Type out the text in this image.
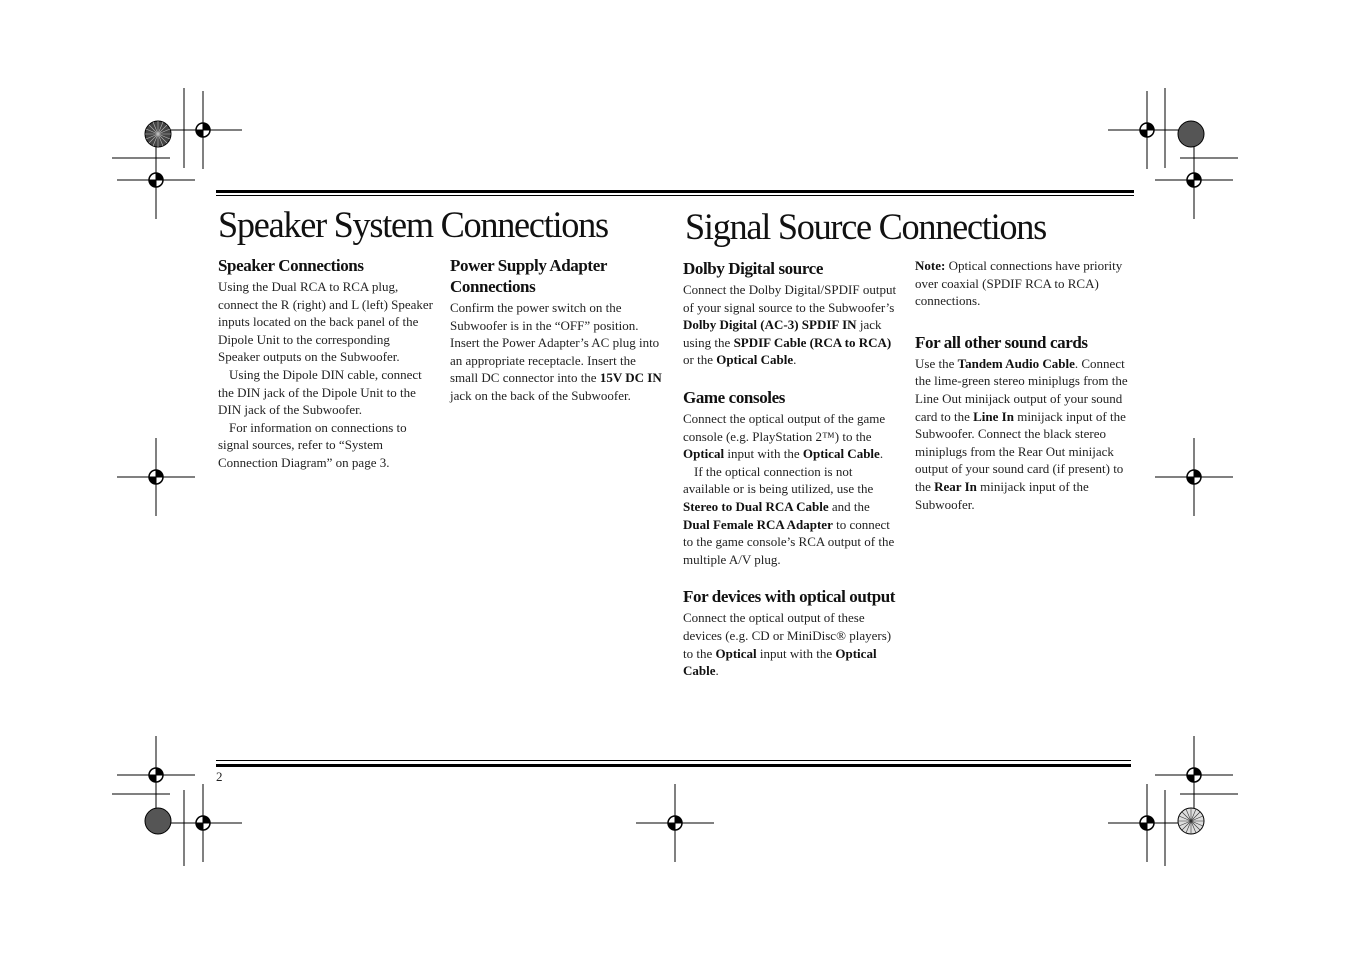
Speaker System Connections Signal Source Connections
Speaker Connections

Using the Dual RCA to RCA plug, connect the R (right) and L (left) Speaker inputs located on the back panel of the Dipole Unit to the corresponding Speaker outputs on the Subwoofer.

Using the Dipole DIN cable, connect the DIN jack of the Dipole Unit to the DIN jack of the Subwoofer.

For information on connections to signal sources, refer to “System Connection Diagram” on page 3.

Power Supply Adapter Connections

Confirm the power switch on the Subwoofer is in the “OFF” position. Insert the Power Adapter’s AC plug into an appropriate receptacle. Insert the small DC connector into the 15V DC IN jack on the back of the Subwoofer.

Dolby Digital source

Connect the Dolby Digital/SPDIF output of your signal source to the Subwoofer’s Dolby Digital (AC-3) SPDIF IN jack using the SPDIF Cable (RCA to RCA) or the Optical Cable.

Game consoles

Connect the optical output of the game console (e.g. PlayStation 2™) to the Optical input with the Optical Cable.

If the optical connection is not available or is being utilized, use the Stereo to Dual RCA Cable and the Dual Female RCA Adapter to connect to the game console’s RCA output of the multiple A/V plug.

For devices with optical output

Connect the optical output of these devices (e.g. CD or MiniDisc® players) to the Optical input with the Optical Cable.

Note: Optical connections have priority over coaxial (SPDIF RCA to RCA) connections.

For all other sound cards

Use the Tandem Audio Cable. Connect the lime-green stereo miniplugs from the Line Out minijack output of your sound card to the Line In minijack input of the Subwoofer. Connect the black stereo miniplugs from the Rear Out minijack output of your sound card (if present) to the Rear In minijack input of the Subwoofer.

2
